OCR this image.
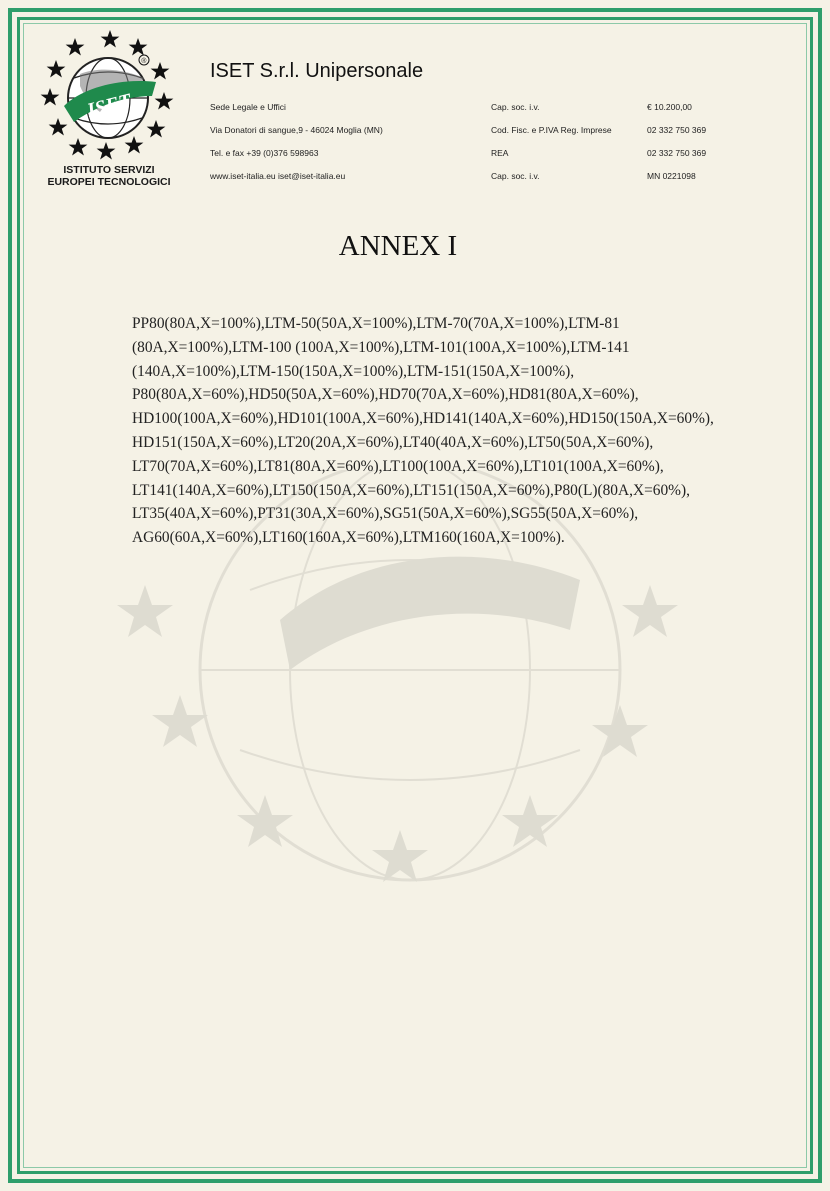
ISET
®
ISTITUTO SERVIZI
EUROPEI TECNOLOGICI
ISET S.r.l. Unipersonale
Sede Legale e Uffici
Via Donatori di sangue,9 - 46024 Moglia (MN)
Tel. e fax +39 (0)376 598963
www.iset-italia.eu iset@iset-italia.eu
Cap. soc. i.v.
Cod. Fisc. e P.IVA Reg. Imprese
REA
Cap. soc. i.v.
€ 10.200,00
02 332 750 369
02 332 750 369
MN 0221098
ANNEX I
PP80(80A,X=100%),LTM-50(50A,X=100%),LTM-70(70A,X=100%),LTM-81
(80A,X=100%),LTM-100 (100A,X=100%),LTM-101(100A,X=100%),LTM-141
(140A,X=100%),LTM-150(150A,X=100%),LTM-151(150A,X=100%),
P80(80A,X=60%),HD50(50A,X=60%),HD70(70A,X=60%),HD81(80A,X=60%),
HD100(100A,X=60%),HD101(100A,X=60%),HD141(140A,X=60%),HD150(150A,X=60%),
HD151(150A,X=60%),LT20(20A,X=60%),LT40(40A,X=60%),LT50(50A,X=60%),
LT70(70A,X=60%),LT81(80A,X=60%),LT100(100A,X=60%),LT101(100A,X=60%),
LT141(140A,X=60%),LT150(150A,X=60%),LT151(150A,X=60%),P80(L)(80A,X=60%),
LT35(40A,X=60%),PT31(30A,X=60%),SG51(50A,X=60%),SG55(50A,X=60%),
AG60(60A,X=60%),LT160(160A,X=60%),LTM160(160A,X=100%).
